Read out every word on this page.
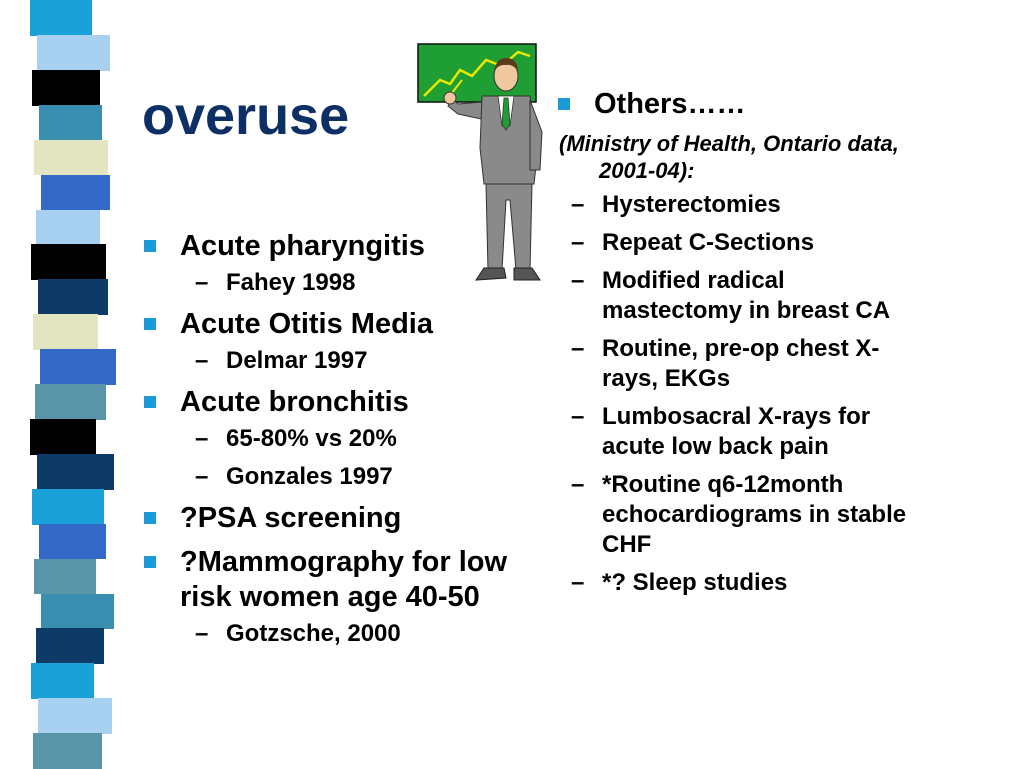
overuse
Acute pharyngitis
– Fahey 1998
Acute Otitis Media
– Delmar 1997
Acute bronchitis
– 65-80% vs 20%
– Gonzales 1997
?PSA screening
?Mammography for low risk women age 40-50
– Gotzsche, 2000
Others……
(Ministry of Health, Ontario data, 2001-04):
– Hysterectomies
– Repeat C-Sections
– Modified radical mastectomy in breast CA
– Routine, pre-op chest X-rays, EKGs
– Lumbosacral X-rays for acute low back pain
– *Routine q6-12month echocardiograms in stable CHF
– *? Sleep studies
